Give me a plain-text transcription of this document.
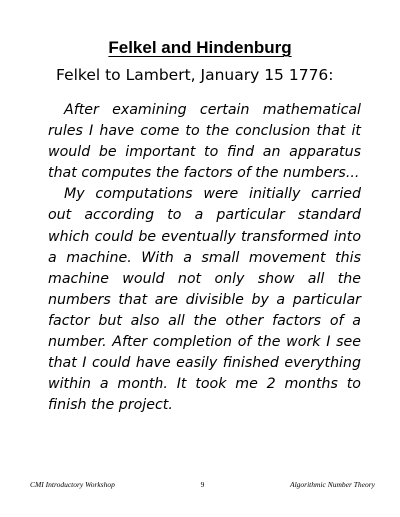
Felkel and Hindenburg
Felkel to Lambert, January 15 1776:

After examining certain mathematical rules I have come to the conclusion that it would be important to find an apparatus that computes the factors of the numbers...

My computations were initially carried out according to a particular standard which could be eventually transformed into a machine. With a small movement this machine would not only show all the numbers that are divisible by a particular factor but also all the other factors of a number. After completion of the work I see that I could have easily finished everything within a month. It took me 2 months to finish the project.

CMI Introductory Workshop	9	Algorithmic Number Theory
